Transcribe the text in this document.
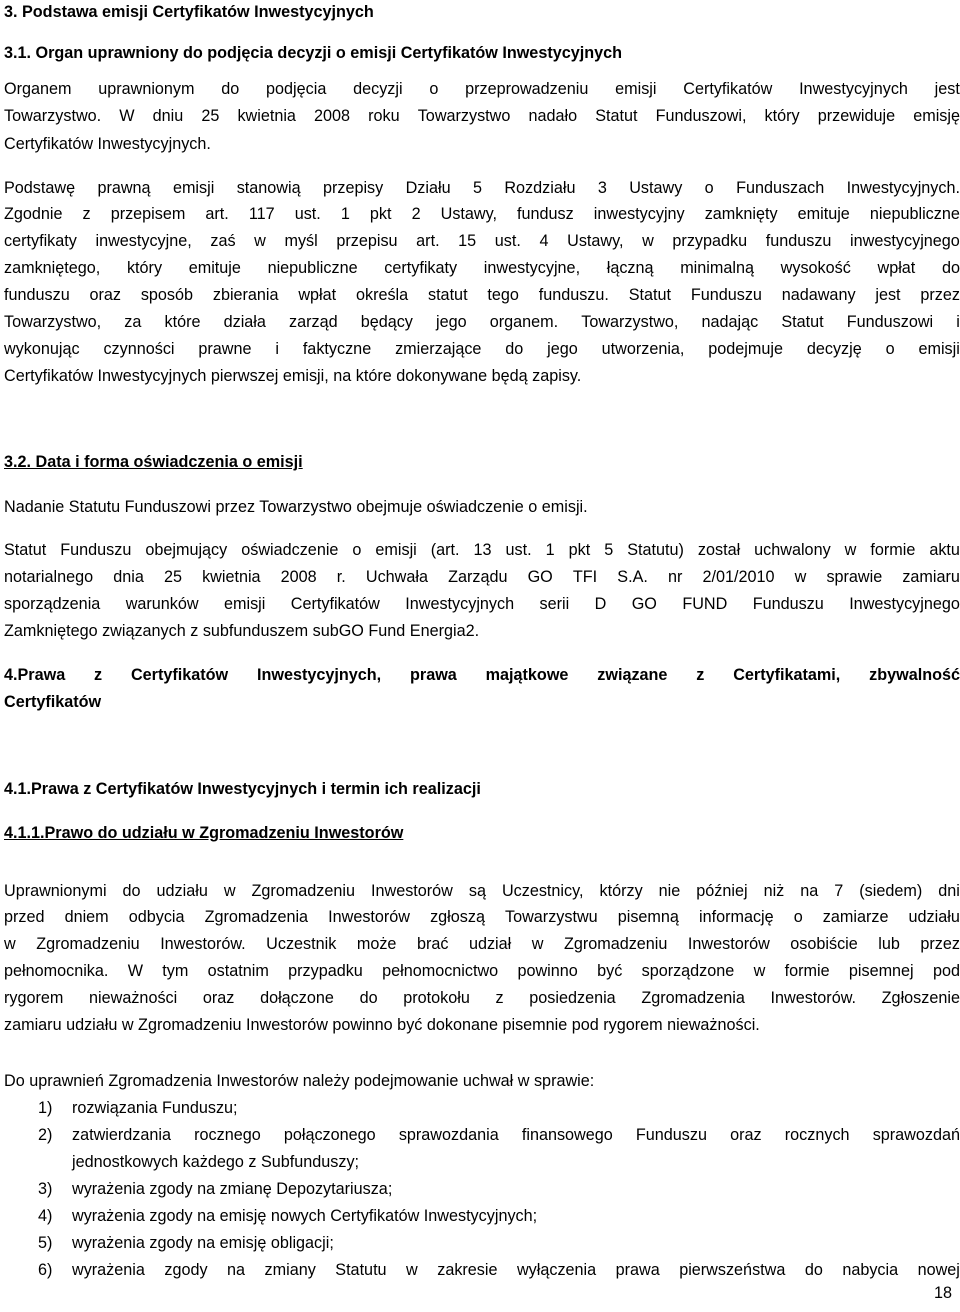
3. Podstawa emisji Certyfikatów Inwestycyjnych
3.1. Organ uprawniony do podjęcia decyzji o emisji Certyfikatów Inwestycyjnych
Organem uprawnionym do podjęcia decyzji o przeprowadzeniu emisji Certyfikatów Inwestycyjnych jest
Towarzystwo. W dniu 25 kwietnia 2008 roku Towarzystwo nadało Statut Funduszowi, który przewiduje emisję
Certyfikatów Inwestycyjnych.
Podstawę prawną emisji stanowią przepisy Działu 5 Rozdziału 3 Ustawy o Funduszach Inwestycyjnych.
Zgodnie z przepisem art. 117 ust. 1 pkt 2 Ustawy, fundusz inwestycyjny zamknięty emituje niepubliczne
certyfikaty inwestycyjne, zaś w myśl przepisu art. 15 ust. 4 Ustawy, w przypadku funduszu inwestycyjnego
zamkniętego, który emituje niepubliczne certyfikaty inwestycyjne, łączną minimalną wysokość wpłat do
funduszu oraz sposób zbierania wpłat określa statut tego funduszu. Statut Funduszu nadawany jest przez
Towarzystwo, za które działa zarząd będący jego organem. Towarzystwo, nadając Statut Funduszowi i
wykonując czynności prawne i faktyczne zmierzające do jego utworzenia, podejmuje decyzję o emisji
Certyfikatów Inwestycyjnych pierwszej emisji, na które dokonywane będą zapisy.
3.2. Data i forma oświadczenia o emisji
Nadanie Statutu Funduszowi przez Towarzystwo obejmuje oświadczenie o emisji.
Statut Funduszu obejmujący oświadczenie o emisji (art. 13 ust. 1 pkt 5 Statutu) został uchwalony w formie aktu
notarialnego dnia 25 kwietnia 2008 r. Uchwała Zarządu GO TFI S.A. nr 2/01/2010 w sprawie zamiaru
sporządzenia warunków emisji Certyfikatów Inwestycyjnych serii D GO FUND Funduszu Inwestycyjnego
Zamkniętego związanych z subfunduszem subGO Fund Energia2.
4.Prawa z Certyfikatów Inwestycyjnych, prawa majątkowe związane z Certyfikatami, zbywalność
Certyfikatów
4.1.Prawa z Certyfikatów Inwestycyjnych i termin ich realizacji
4.1.1.Prawo do udziału w Zgromadzeniu Inwestorów
Uprawnionymi do udziału w Zgromadzeniu Inwestorów są Uczestnicy, którzy nie później niż na 7 (siedem) dni
przed dniem odbycia Zgromadzenia Inwestorów zgłoszą Towarzystwu pisemną informację o zamiarze udziału
w Zgromadzeniu Inwestorów. Uczestnik może brać udział w Zgromadzeniu Inwestorów osobiście lub przez
pełnomocnika. W tym ostatnim przypadku pełnomocnictwo powinno być sporządzone w formie pisemnej pod
rygorem nieważności oraz dołączone do protokołu z posiedzenia Zgromadzenia Inwestorów. Zgłoszenie
zamiaru udziału w Zgromadzeniu Inwestorów powinno być dokonane pisemnie pod rygorem nieważności.
Do uprawnień Zgromadzenia Inwestorów należy podejmowanie uchwał w sprawie:
1) rozwiązania Funduszu;
2) zatwierdzania rocznego połączonego sprawozdania finansowego Funduszu oraz rocznych sprawozdań
jednostkowych każdego z Subfunduszy;
3) wyrażenia zgody na zmianę Depozytariusza;
4) wyrażenia zgody na emisję nowych Certyfikatów Inwestycyjnych;
5) wyrażenia zgody na emisję obligacji;
6) wyrażenia zgody na zmiany Statutu w zakresie wyłączenia prawa pierwszeństwa do nabycia nowej
18
